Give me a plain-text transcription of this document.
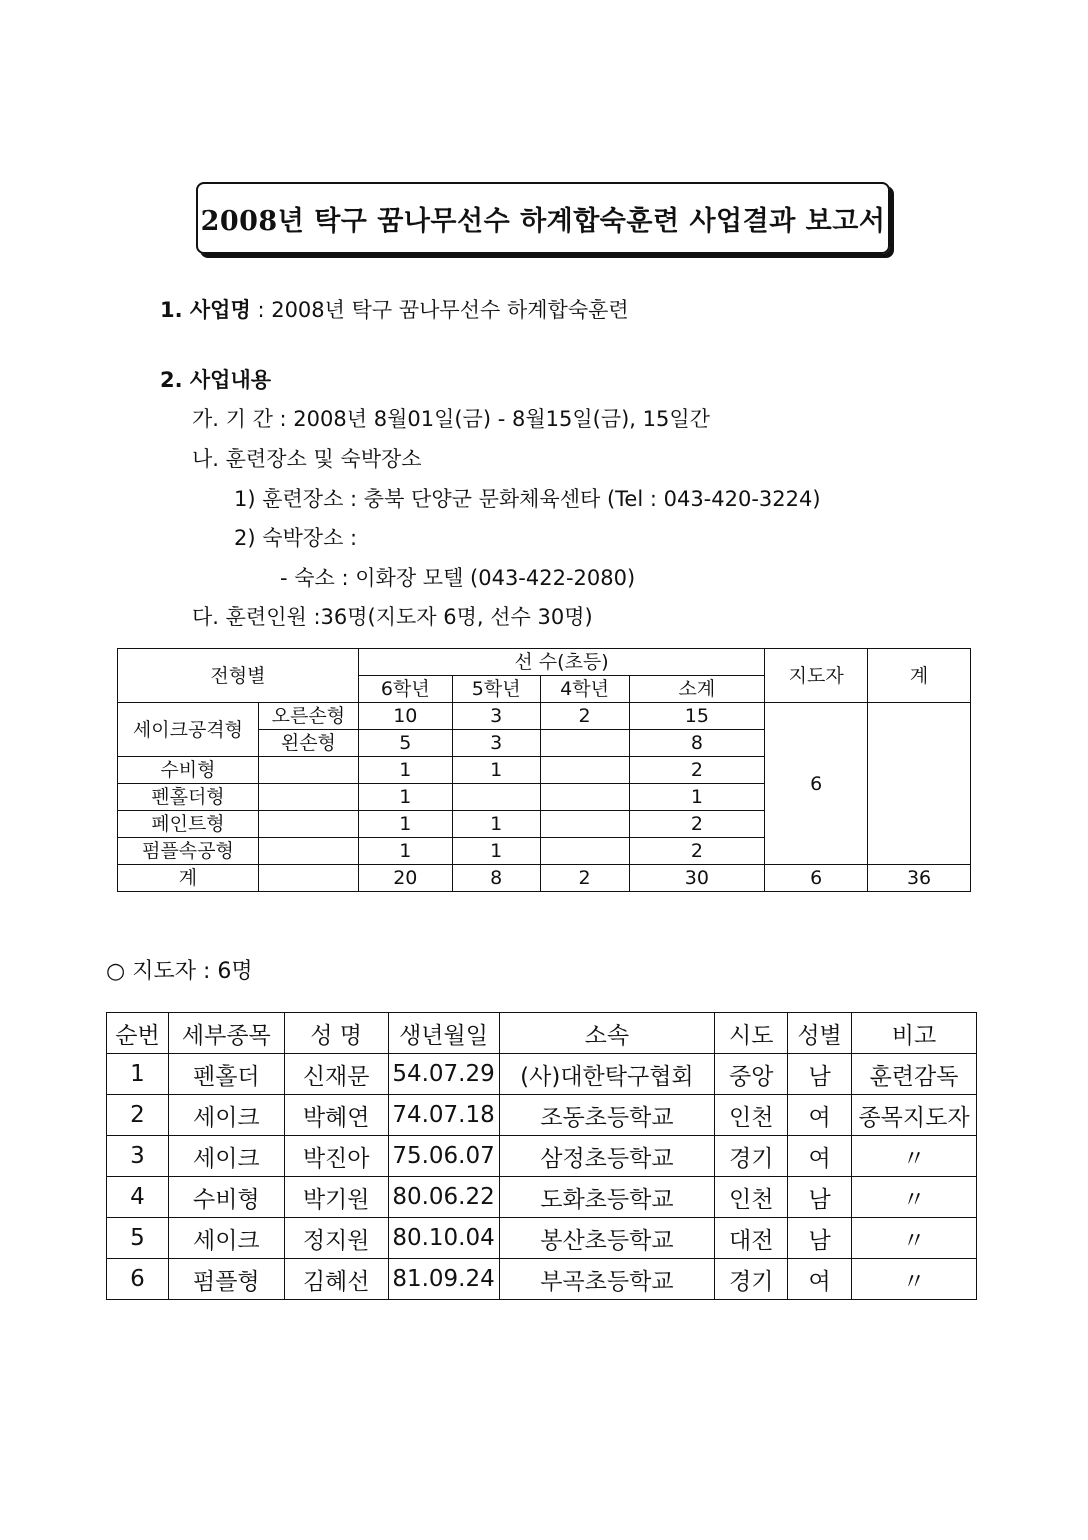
2008년 탁구 꿈나무선수 하계합숙훈련 사업결과 보고서
1. 사업명 : 2008년 탁구 꿈나무선수 하계합숙훈련
2. 사업내용
가. 기 간 : 2008년 8월01일(금) - 8월15일(금), 15일간
나. 훈련장소 및 숙박장소
1) 훈련장소 : 충북 단양군 문화체육센타 (Tel : 043-420-3224)
2) 숙박장소 :
- 숙소 : 이화장 모텔 (043-422-2080)
다. 훈련인원 :36명(지도자 6명, 선수 30명)
전형별		선 수(초등)				지도자	계
		6학년	5학년	4학년	소계		
세이크공격형	오른손형	10	3	2	15	6	
	왼손형	5	3		8		
수비형		1	1		2		
펜홀더형		1			1		
페인트형		1	1		2		
펌플속공형		1	1		2		
계		20	8	2	30	6	36
○ 지도자 : 6명
순번	세부종목	성 명	생년월일	소속	시도	성별	비고
1	펜홀더	신재문	54.07.29	(사)대한탁구협회	중앙	남	훈련감독
2	세이크	박혜연	74.07.18	조동초등학교	인천	여	종목지도자
3	세이크	박진아	75.06.07	삼정초등학교	경기	여	〃
4	수비형	박기원	80.06.22	도화초등학교	인천	남	〃
5	세이크	정지원	80.10.04	봉산초등학교	대전	남	〃
6	펌플형	김혜선	81.09.24	부곡초등학교	경기	여	〃
